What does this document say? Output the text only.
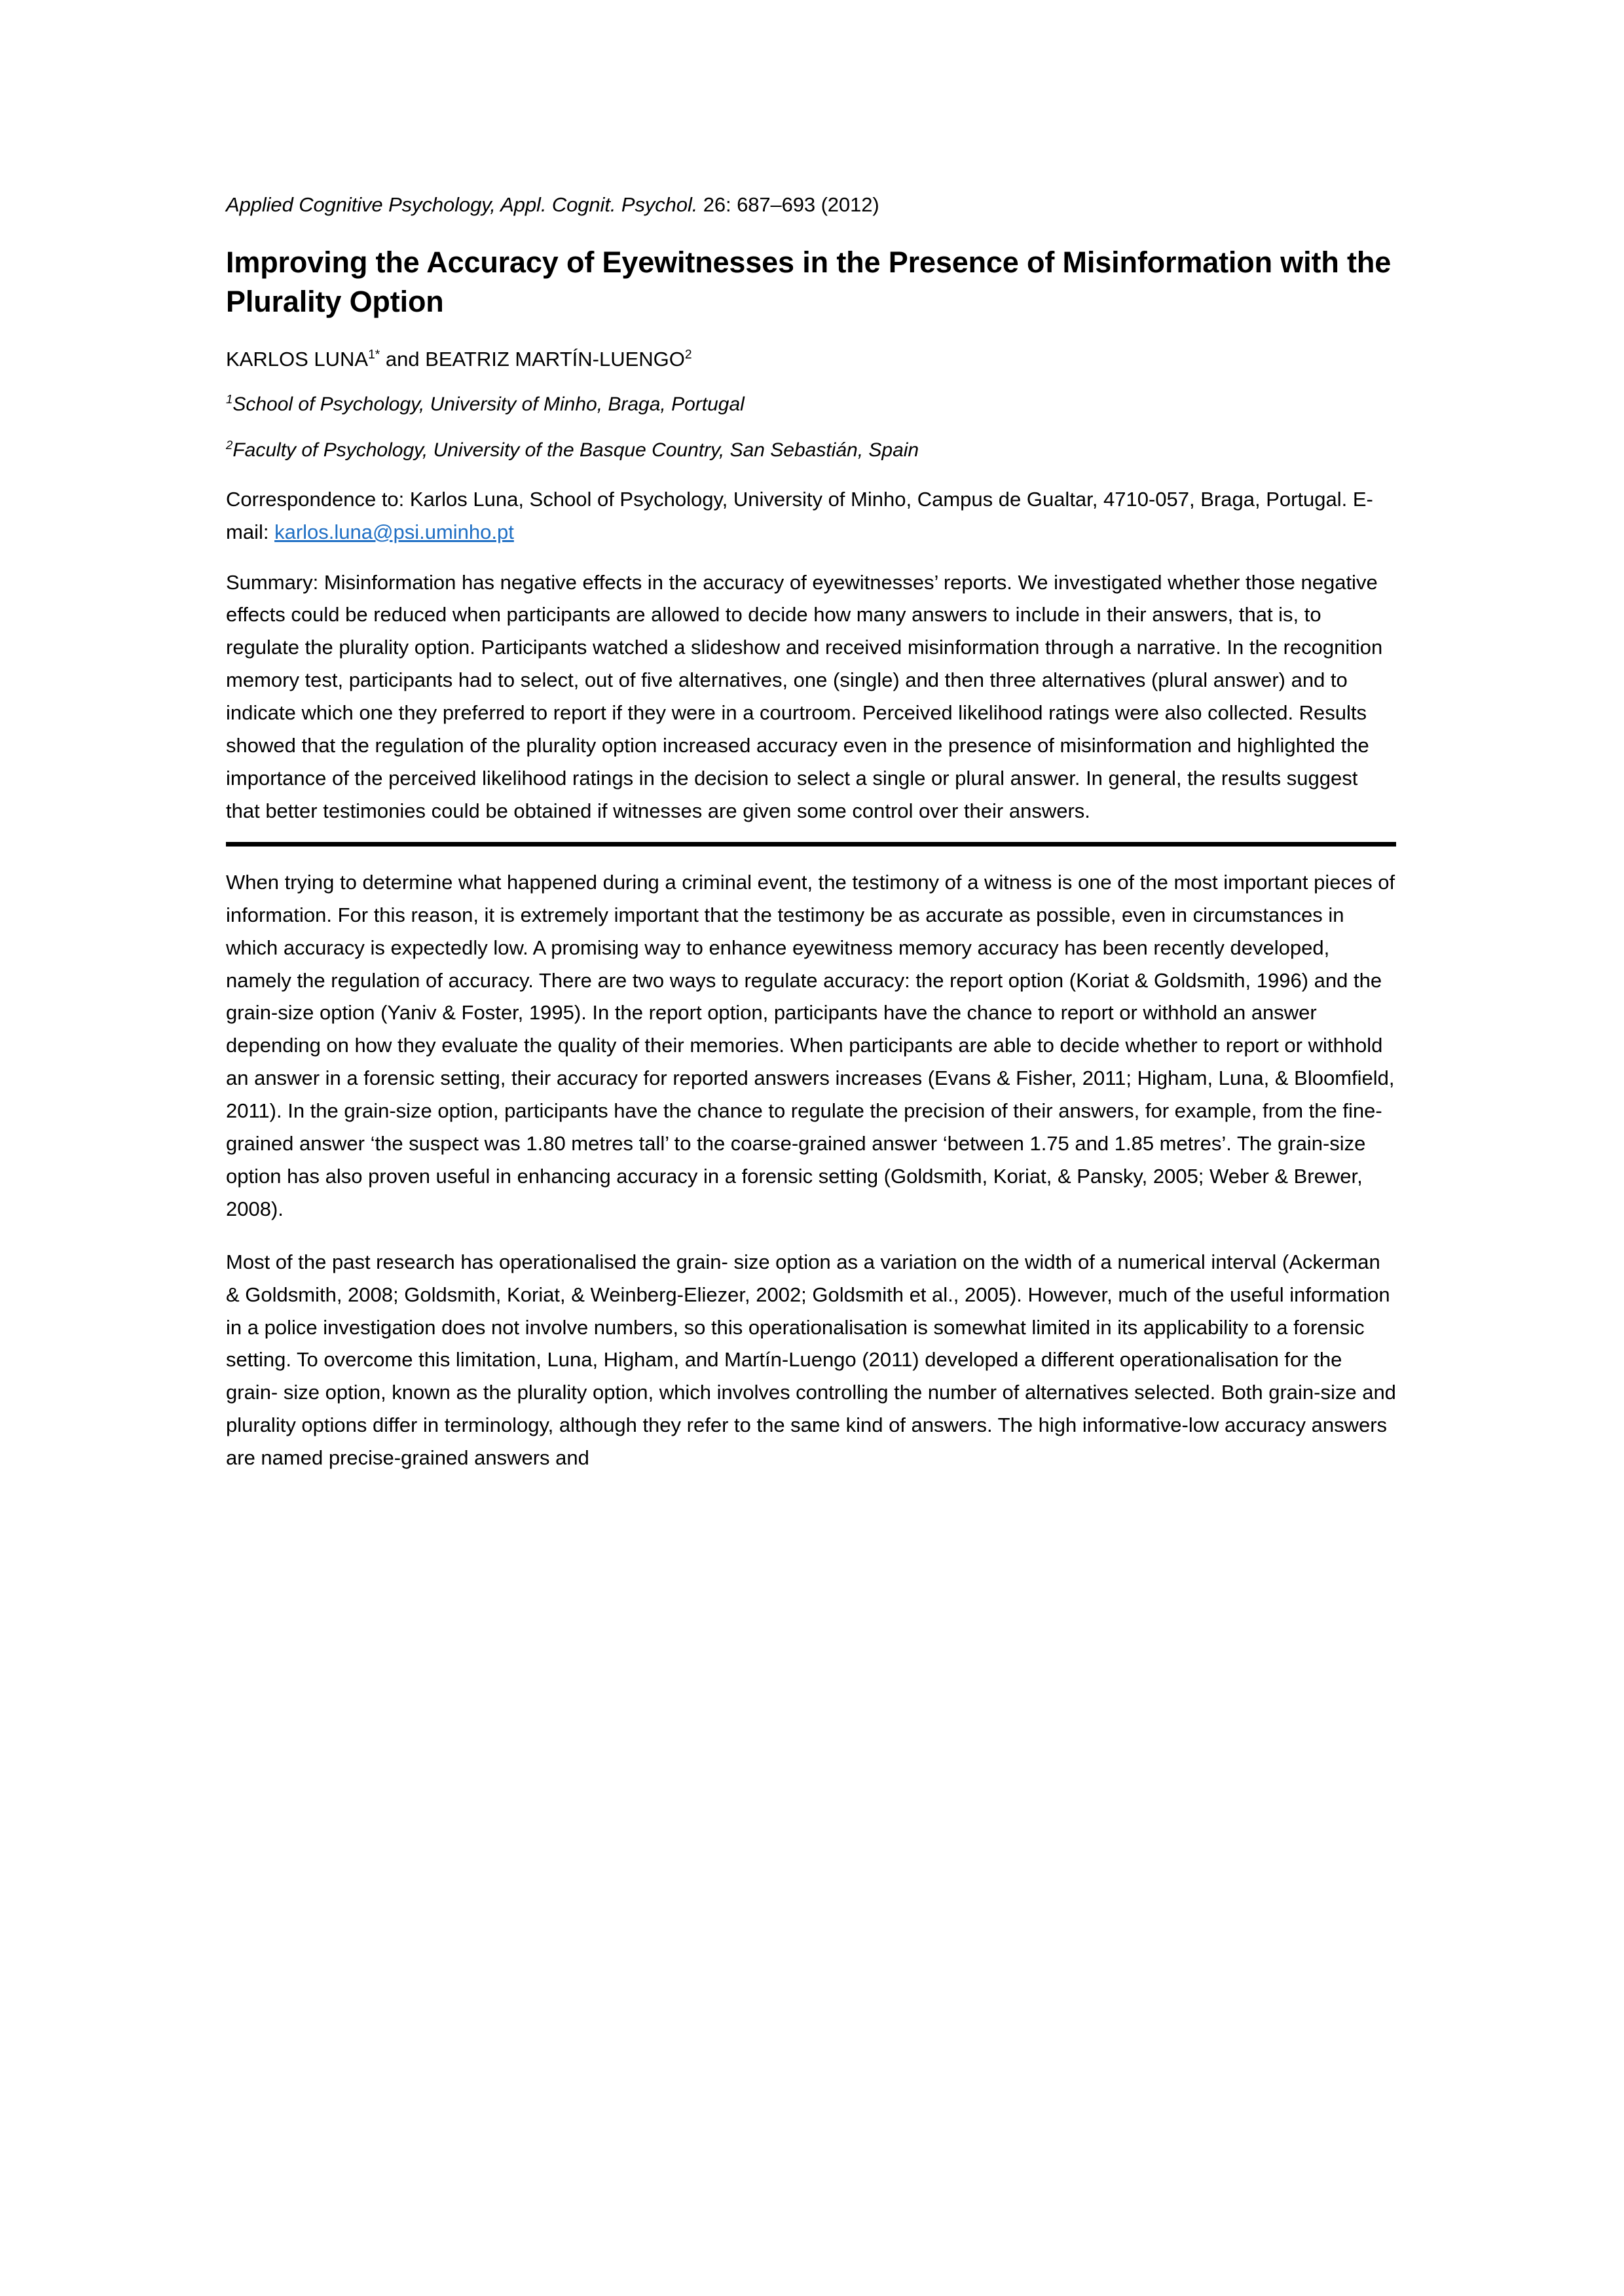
Applied Cognitive Psychology, Appl. Cognit. Psychol. 26: 687–693 (2012)
Improving the Accuracy of Eyewitnesses in the Presence of Misinformation with the Plurality Option
KARLOS $LUNA^{1*}$ and BEATRIZ MARTÍN-LUENGO$^2$
$^1$School of Psychology, University of Minho, Braga, Portugal
$^2$Faculty of Psychology, University of the Basque Country, San Sebastián, Spain
Correspondence to: Karlos Luna, School of Psychology, University of Minho, Campus de Gualtar, 4710-057, Braga, Portugal. E-mail: karlos.luna@psi.uminho.pt
Summary: Misinformation has negative effects in the accuracy of eyewitnesses’ reports. We investigated whether those negative effects could be reduced when participants are allowed to decide how many answers to include in their answers, that is, to regulate the plurality option. Participants watched a slideshow and received misinformation through a narrative. In the recognition memory test, participants had to select, out of five alternatives, one (single) and then three alternatives (plural answer) and to indicate which one they preferred to report if they were in a courtroom. Perceived likelihood ratings were also collected. Results showed that the regulation of the plurality option increased accuracy even in the presence of misinformation and highlighted the importance of the perceived likelihood ratings in the decision to select a single or plural answer. In general, the results suggest that better testimonies could be obtained if witnesses are given some control over their answers.

When trying to determine what happened during a criminal event, the testimony of a witness is one of the most important pieces of information. For this reason, it is extremely important that the testimony be as accurate as possible, even in circumstances in which accuracy is expectedly low. A promising way to enhance eyewitness memory accuracy has been recently developed, namely the regulation of accuracy. There are two ways to regulate accuracy: the report option (Koriat & Goldsmith, 1996) and the grain-size option (Yaniv & Foster, 1995). In the report option, participants have the chance to report or withhold an answer depending on how they evaluate the quality of their memories. When participants are able to decide whether to report or withhold an answer in a forensic setting, their accuracy for reported answers increases (Evans & Fisher, 2011; Higham, Luna, & Bloomfield, 2011). In the grain-size option, participants have the chance to regulate the precision of their answers, for example, from the fine-grained answer ‘the suspect was 1.80 metres tall’ to the coarse-grained answer ‘between 1.75 and 1.85 metres’. The grain-size option has also proven useful in enhancing accuracy in a forensic setting (Goldsmith, Koriat, & Pansky, 2005; Weber & Brewer, 2008).

Most of the past research has operationalised the grain- size option as a variation on the width of a numerical interval (Ackerman & Goldsmith, 2008; Goldsmith, Koriat, & Weinberg-Eliezer, 2002; Goldsmith et al., 2005). However, much of the useful information in a police investigation does not involve numbers, so this operationalisation is somewhat limited in its applicability to a forensic setting. To overcome this limitation, Luna, Higham, and Martín-Luengo (2011) developed a different operationalisation for the grain- size option, known as the plurality option, which involves controlling the number of alternatives selected. Both grain-size and plurality options differ in terminology, although they refer to the same kind of answers. The high informative-low accuracy answers are named precise-grained answers and
